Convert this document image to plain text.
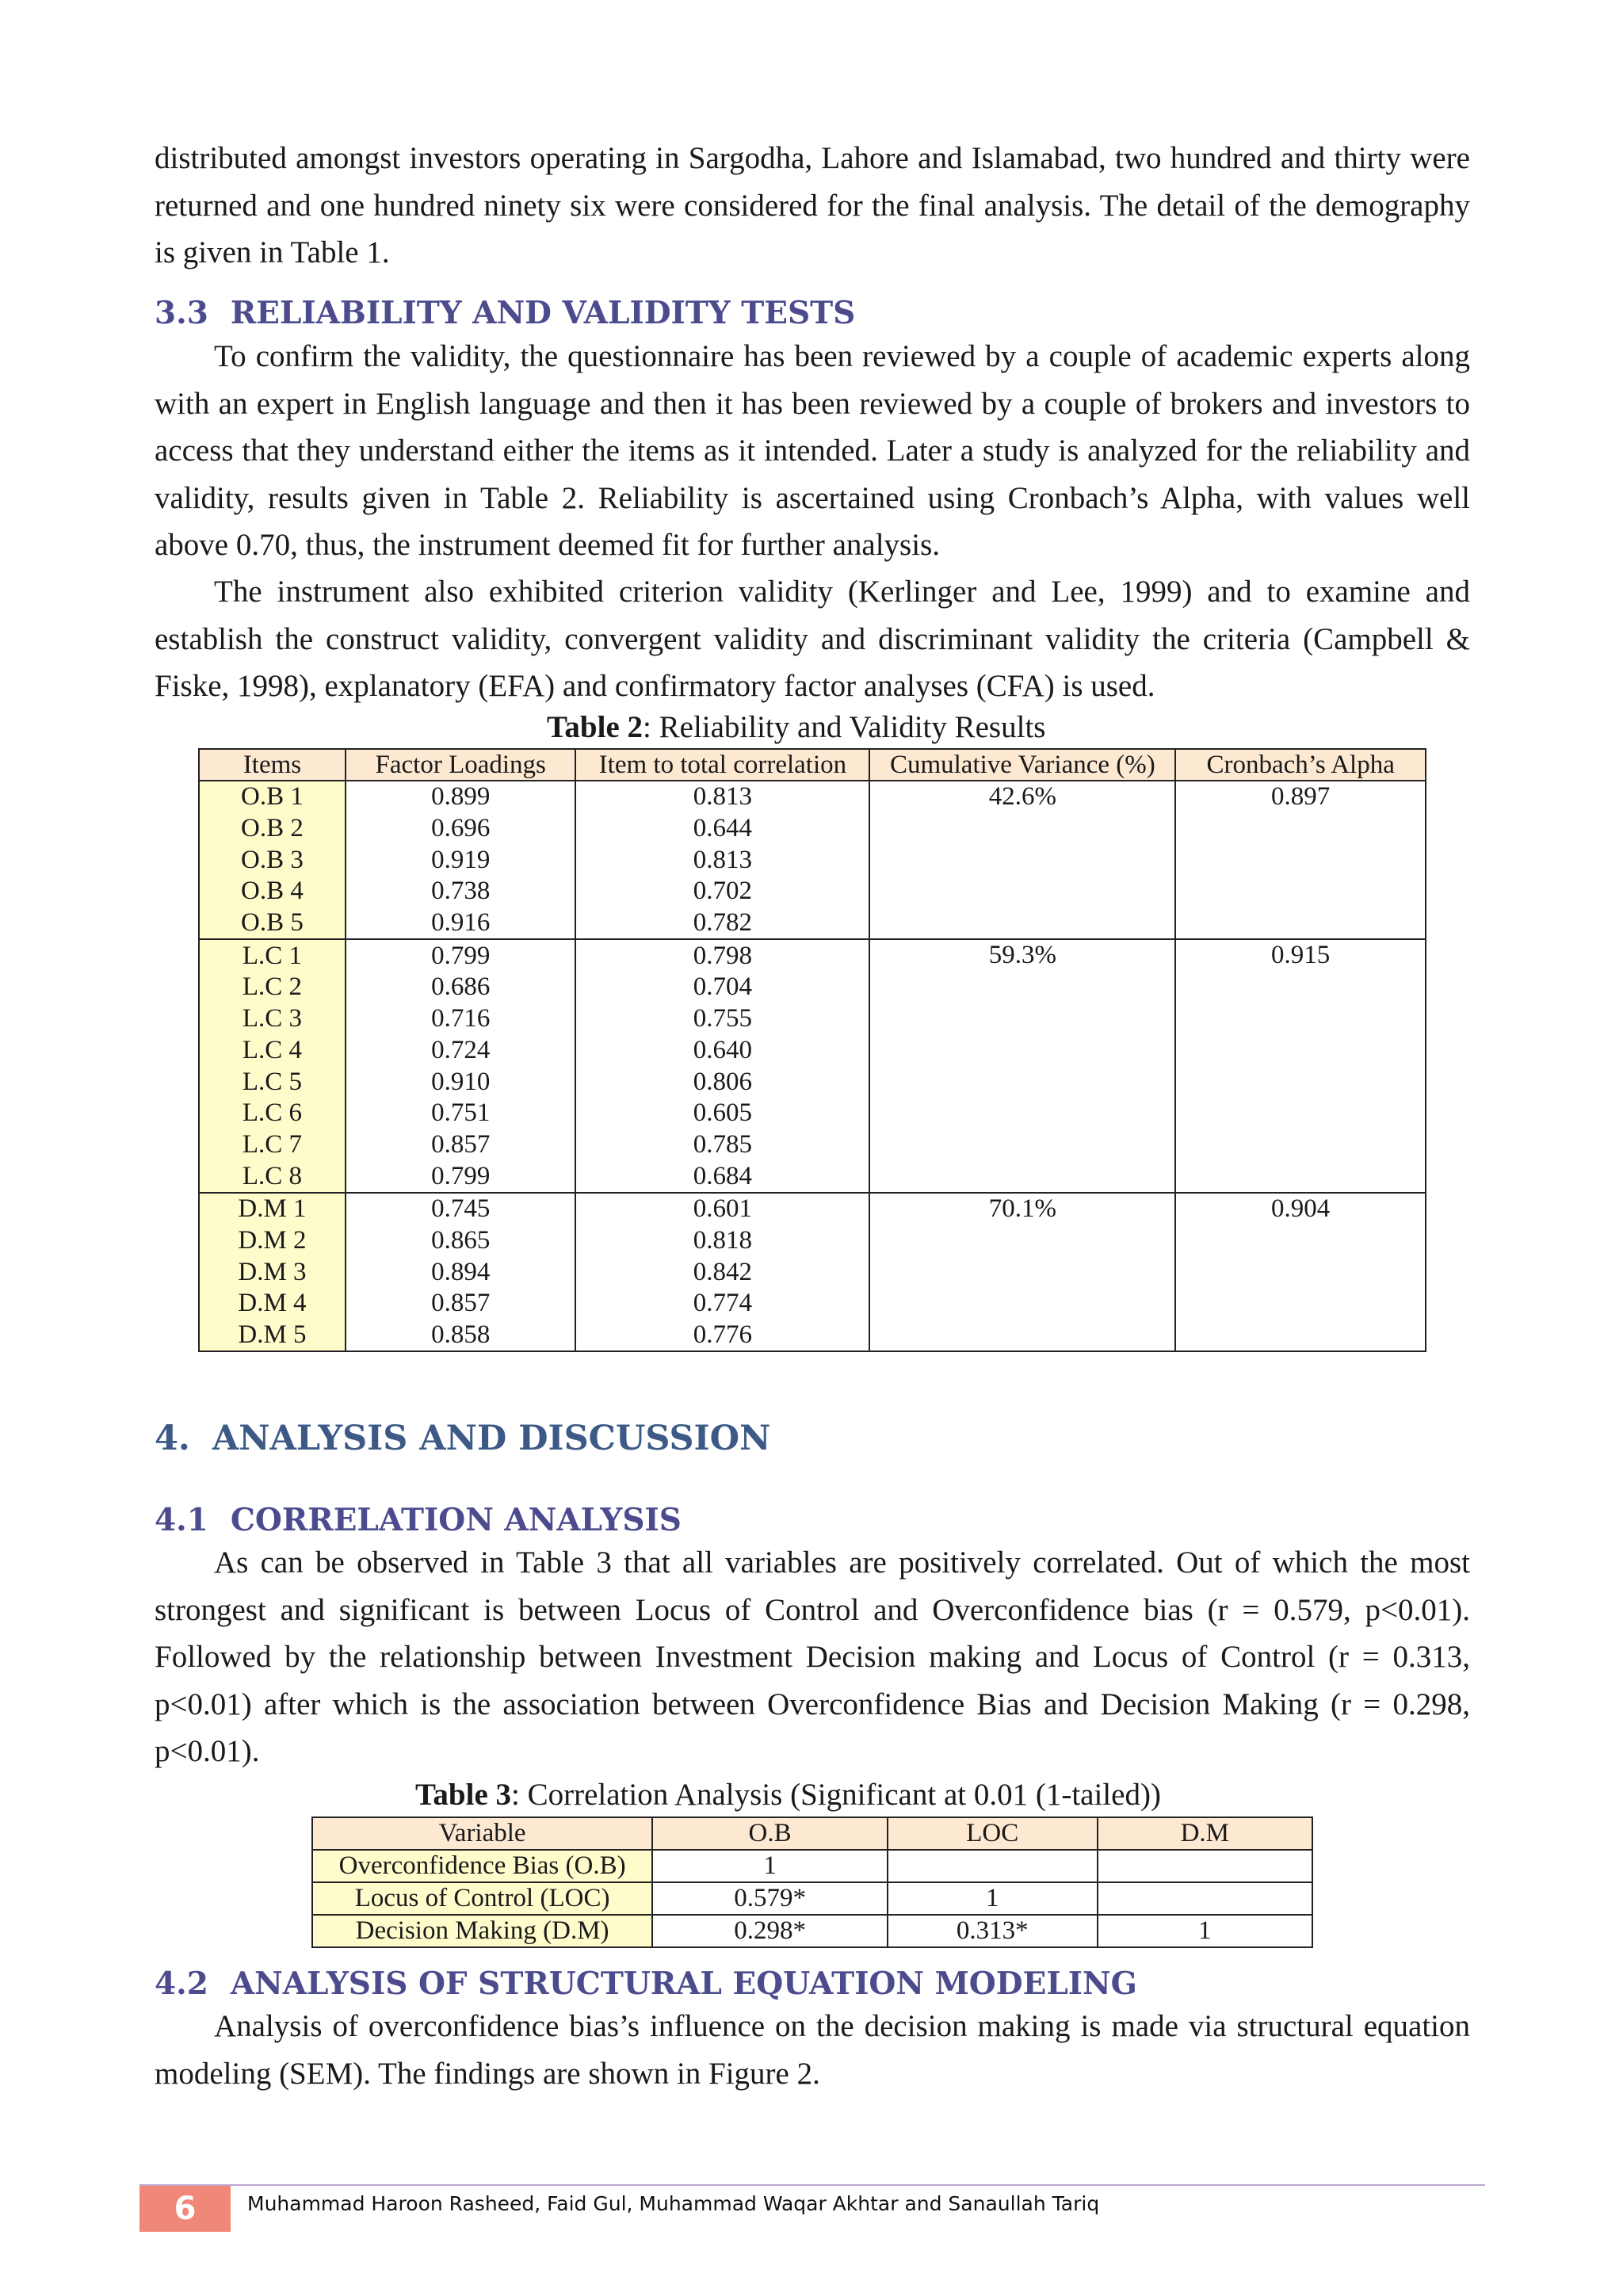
distributed amongst investors operating in Sargodha, Lahore and Islamabad, two hundred and thirty were returned and one hundred ninety six were considered for the final analysis. The detail of the demography is given in Table 1.

3.3 RELIABILITY AND VALIDITY TESTS

To confirm the validity, the questionnaire has been reviewed by a couple of academic experts along with an expert in English language and then it has been reviewed by a couple of brokers and investors to access that they understand either the items as it intended. Later a study is analyzed for the reliability and validity, results given in Table 2. Reliability is ascertained using Cronbach’s Alpha, with values well above 0.70, thus, the instrument deemed fit for further analysis.

The instrument also exhibited criterion validity (Kerlinger and Lee, 1999) and to examine and establish the construct validity, convergent validity and discriminant validity the criteria (Campbell & Fiske, 1998), explanatory (EFA) and confirmatory factor analyses (CFA) is used.

Table 2: Reliability and Validity Results

Items	Factor Loadings	Item to total correlation	Cumulative Variance (%)	Cronbach’s Alpha
O.B 1	0.899	0.813	42.6%	0.897
O.B 2	0.696	0.644		
O.B 3	0.919	0.813		
O.B 4	0.738	0.702		
O.B 5	0.916	0.782		
L.C 1	0.799	0.798	59.3%	0.915
L.C 2	0.686	0.704		
L.C 3	0.716	0.755		
L.C 4	0.724	0.640		
L.C 5	0.910	0.806		
L.C 6	0.751	0.605		
L.C 7	0.857	0.785		
L.C 8	0.799	0.684		
D.M 1	0.745	0.601	70.1%	0.904
D.M 2	0.865	0.818		
D.M 3	0.894	0.842		
D.M 4	0.857	0.774		
D.M 5	0.858	0.776		
4. ANALYSIS AND DISCUSSION
4.1 CORRELATION ANALYSIS

As can be observed in Table 3 that all variables are positively correlated. Out of which the most strongest and significant is between Locus of Control and Overconfidence bias (r = 0.579, p<0.01). Followed by the relationship between Investment Decision making and Locus of Control (r = 0.313, p<0.01) after which is the association between Overconfidence Bias and Decision Making (r = 0.298, p<0.01).

Table 3: Correlation Analysis (Significant at 0.01 (1-tailed))

Variable	O.B	LOC	D.M
Overconfidence Bias (O.B)	1		
Locus of Control (LOC)	0.579*	1	
Decision Making (D.M)	0.298*	0.313*	1
4.2 ANALYSIS OF STRUCTURAL EQUATION MODELING

Analysis of overconfidence bias’s influence on the decision making is made via structural equation modeling (SEM). The findings are shown in Figure 2.

6	Muhammad Haroon Rasheed, Faid Gul, Muhammad Waqar Akhtar and Sanaullah Tariq
